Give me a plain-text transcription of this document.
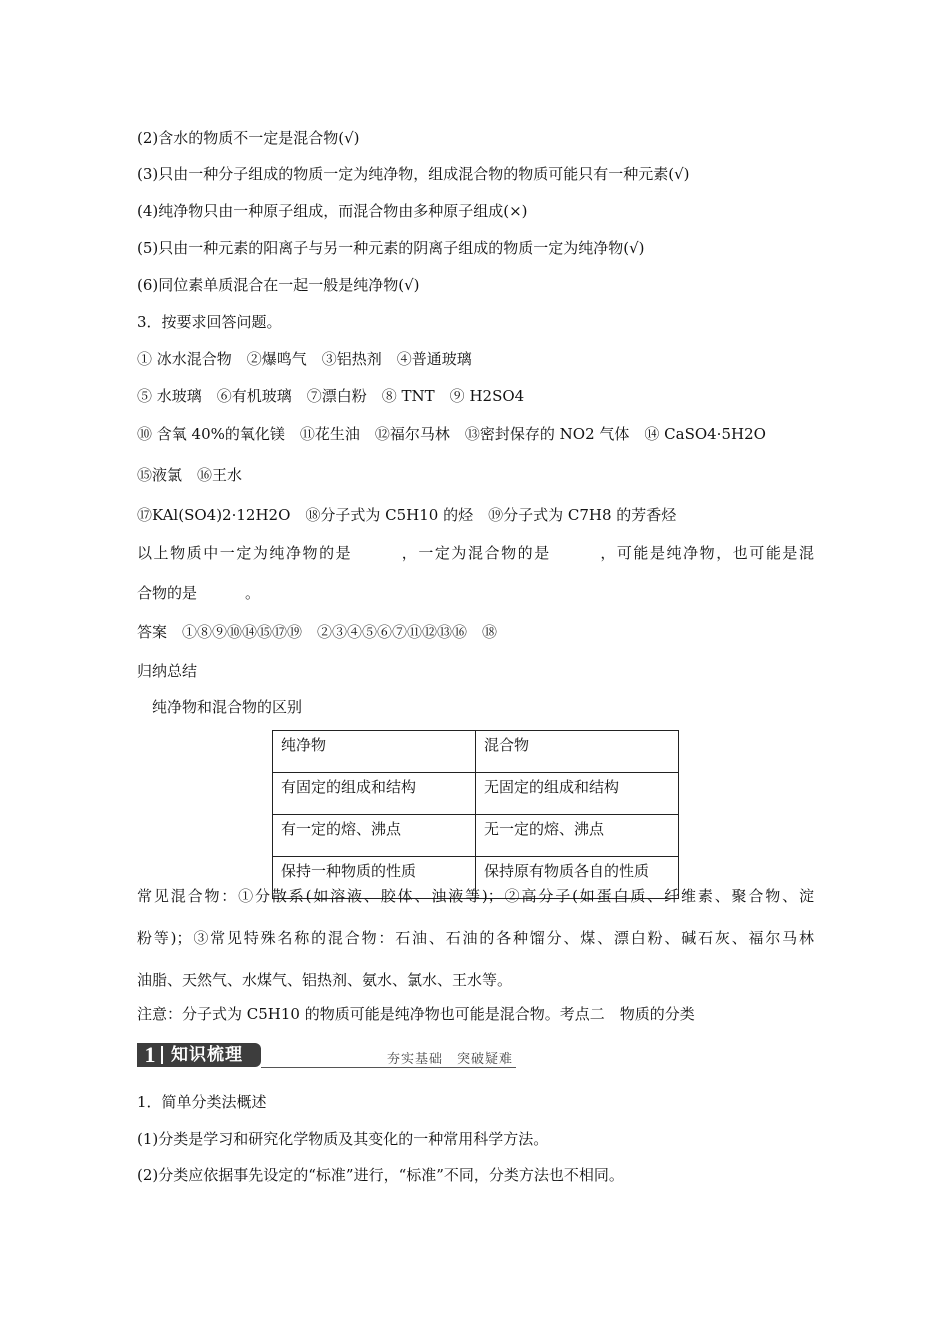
(2)含水的物质不一定是混合物(√)
(3)只由一种分子组成的物质一定为纯净物，组成混合物的物质可能只有一种元素(√)
(4)纯净物只由一种原子组成，而混合物由多种原子组成(×)
(5)只由一种元素的阳离子与另一种元素的阴离子组成的物质一定为纯净物(√)
(6)同位素单质混合在一起一般是纯净物(√)
3．按要求回答问题。
① 冰水混合物　②爆鸣气　③铝热剂　④普通玻璃
⑤ 水玻璃　⑥有机玻璃　⑦漂白粉　⑧ TNT　⑨ H2SO4
⑩ 含氧 40%的氧化镁　⑪花生油　⑫福尔马林　⑬密封保存的 NO2 气体　⑭ CaSO4·5H2O
⑮液氯　⑯王水
⑰KAl(SO4)2·12H2O　⑱分子式为 C5H10 的烃　⑲分子式为 C7H8 的芳香烃
以上物质中一定为纯净物的是	，一定为混合物的是	，可能是纯净物，也可能是混
合物的是	。
答案　①⑧⑨⑩⑭⑮⑰⑲　②③④⑤⑥⑦⑪⑫⑬⑯　⑱
归纳总结
纯净物和混合物的区别
纯净物	混合物
有固定的组成和结构	无固定的组成和结构
有一定的熔、沸点	无一定的熔、沸点
保持一种物质的性质	保持原有物质各自的性质
常见混合物：①分散系(如溶液、胶体、浊液等)；②高分子(如蛋白质、纤维素、聚合物、淀
粉等)；③常见特殊名称的混合物：石油、石油的各种馏分、煤、漂白粉、碱石灰、福尔马林
油脂、天然气、水煤气、铝热剂、氨水、氯水、王水等。
注意：分子式为 C5H10 的物质可能是纯净物也可能是混合物。考点二　物质的分类
1 知识梳理	夯实基础　突破疑难
1．简单分类法概述
(1)分类是学习和研究化学物质及其变化的一种常用科学方法。
(2)分类应依据事先设定的“标准”进行，“标准”不同，分类方法也不相同。
